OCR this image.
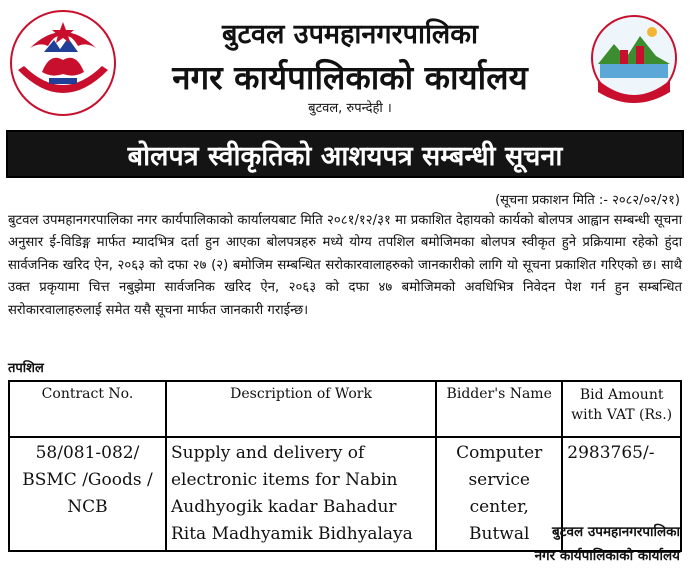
बुटवल उपमहानगरपालिका
नगर कार्यपालिकाको कार्यालय
बुटवल, रुपन्देही ।
बोलपत्र स्वीकृतिको आशयपत्र सम्बन्धी सूचना
(सूचना प्रकाशन मिति :- २०८२/०२/२१)
बुटवल उपमहानगरपालिका नगर कार्यपालिकाको कार्यालयबाट मिति २०८१/१२/३१ मा प्रकाशित देहायको कार्यको बोलपत्र आह्वान सम्बन्धी सूचना अनुसार ई-विडिङ्ग मार्फत म्यादभित्र दर्ता हुन आएका बोलपत्रहरु मध्ये योग्य तपशिल बमोजिमका बोलपत्र स्वीकृत हुने प्रक्रियामा रहेको हुंदा सार्वजनिक खरिद ऐन, २०६३ को दफा २७ (२) बमोजिम सम्बन्धित सरोकारवालाहरुको जानकारीको लागि यो सूचना प्रकाशित गरिएको छ। साथै उक्त प्रकृयामा चित्त नबुझेमा सार्वजनिक खरिद ऐन, २०६३ को दफा ४७ बमोजिमको अवधिभित्र निवेदन पेश गर्न हुन सम्बन्धित सरोकारवालाहरुलाई समेत यसै सूचना मार्फत जानकारी गराईन्छ।
तपशिल
Contract No.	Description of Work	Bidder's Name	Bid Amount with VAT (Rs.)
58/081-082/ BSMC /Goods / NCB	Supply and delivery of electronic items for Nabin Audhyogik kadar Bahadur Rita Madhyamik Bidhyalaya	Computer service center, Butwal	2983765/-
बुटवल उपमहानगरपालिका
नगर कार्यपालिकाको कार्यालय
